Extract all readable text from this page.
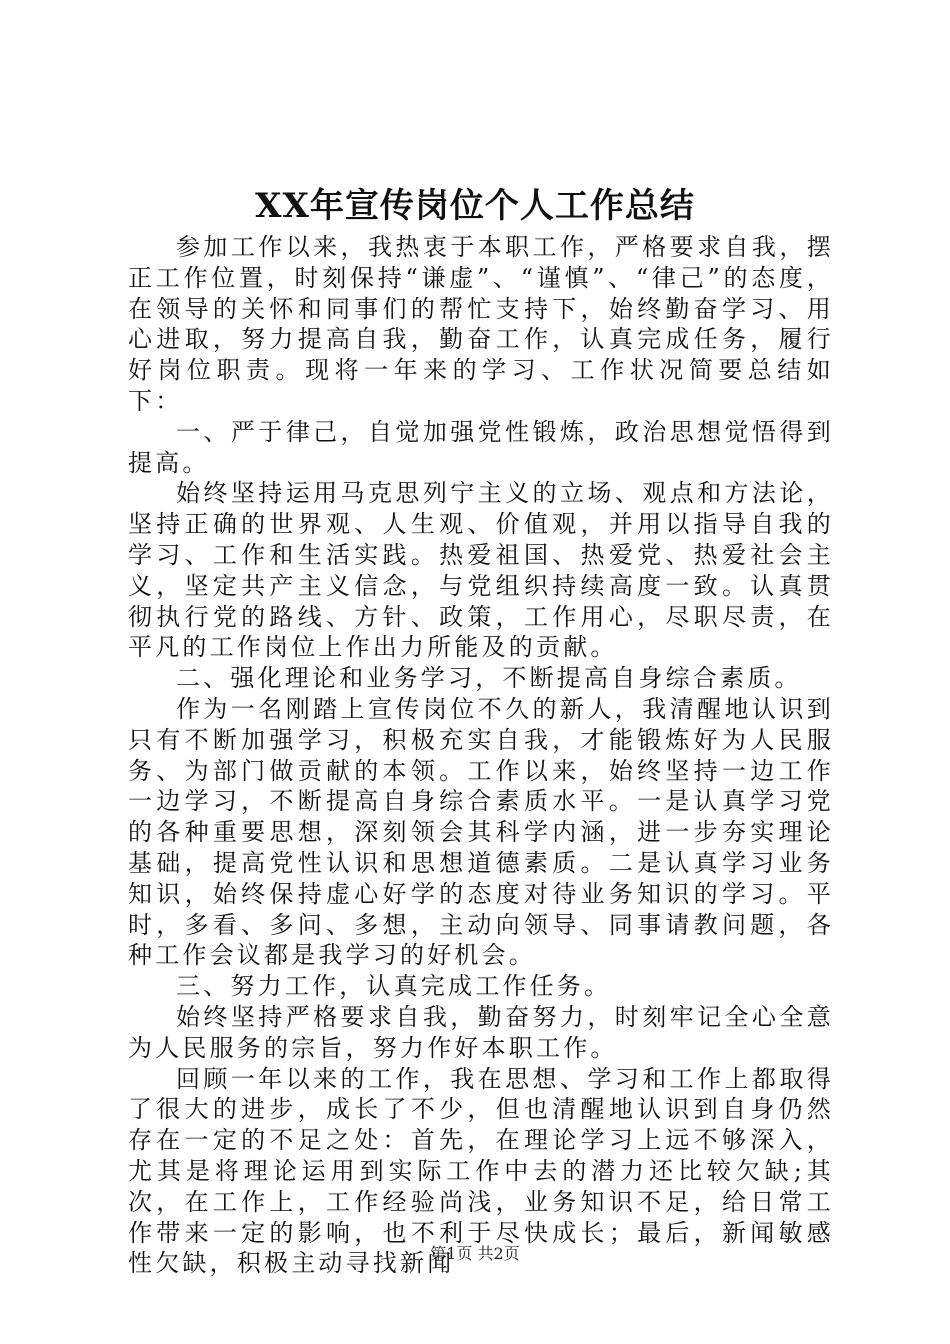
XX年宣传岗位个人工作总结

参加工作以来，我热衷于本职工作，严格要求自我，摆正工作位置，时刻保持“谦虚”、“谨慎”、“律己”的态度，在领导的关怀和同事们的帮忙支持下，始终勤奋学习、用心进取，努力提高自我，勤奋工作，认真完成任务，履行好岗位职责。现将一年来的学习、工作状况简要总结如下：

一、严于律己，自觉加强党性锻炼，政治思想觉悟得到提高。

始终坚持运用马克思列宁主义的立场、观点和方法论，坚持正确的世界观、人生观、价值观，并用以指导自我的学习、工作和生活实践。热爱祖国、热爱党、热爱社会主义，坚定共产主义信念，与党组织持续高度一致。认真贯彻执行党的路线、方针、政策，工作用心，尽职尽责，在平凡的工作岗位上作出力所能及的贡献。

二、强化理论和业务学习，不断提高自身综合素质。

作为一名刚踏上宣传岗位不久的新人，我清醒地认识到只有不断加强学习，积极充实自我，才能锻炼好为人民服务、为部门做贡献的本领。工作以来，始终坚持一边工作一边学习，不断提高自身综合素质水平。一是认真学习党的各种重要思想，深刻领会其科学内涵，进一步夯实理论基础，提高党性认识和思想道德素质。二是认真学习业务知识，始终保持虚心好学的态度对待业务知识的学习。平时，多看、多问、多想，主动向领导、同事请教问题，各种工作会议都是我学习的好机会。

三、努力工作，认真完成工作任务。

始终坚持严格要求自我，勤奋努力，时刻牢记全心全意为人民服务的宗旨，努力作好本职工作。

回顾一年以来的工作，我在思想、学习和工作上都取得了很大的进步，成长了不少，但也清醒地认识到自身仍然存在一定的不足之处：首先，在理论学习上远不够深入，尤其是将理论运用到实际工作中去的潜力还比较欠缺;其次，在工作上，工作经验尚浅，业务知识不足，给日常工作带来一定的影响，也不利于尽快成长；最后，新闻敏感性欠缺，积极主动寻找新闻

第1页 共2页
